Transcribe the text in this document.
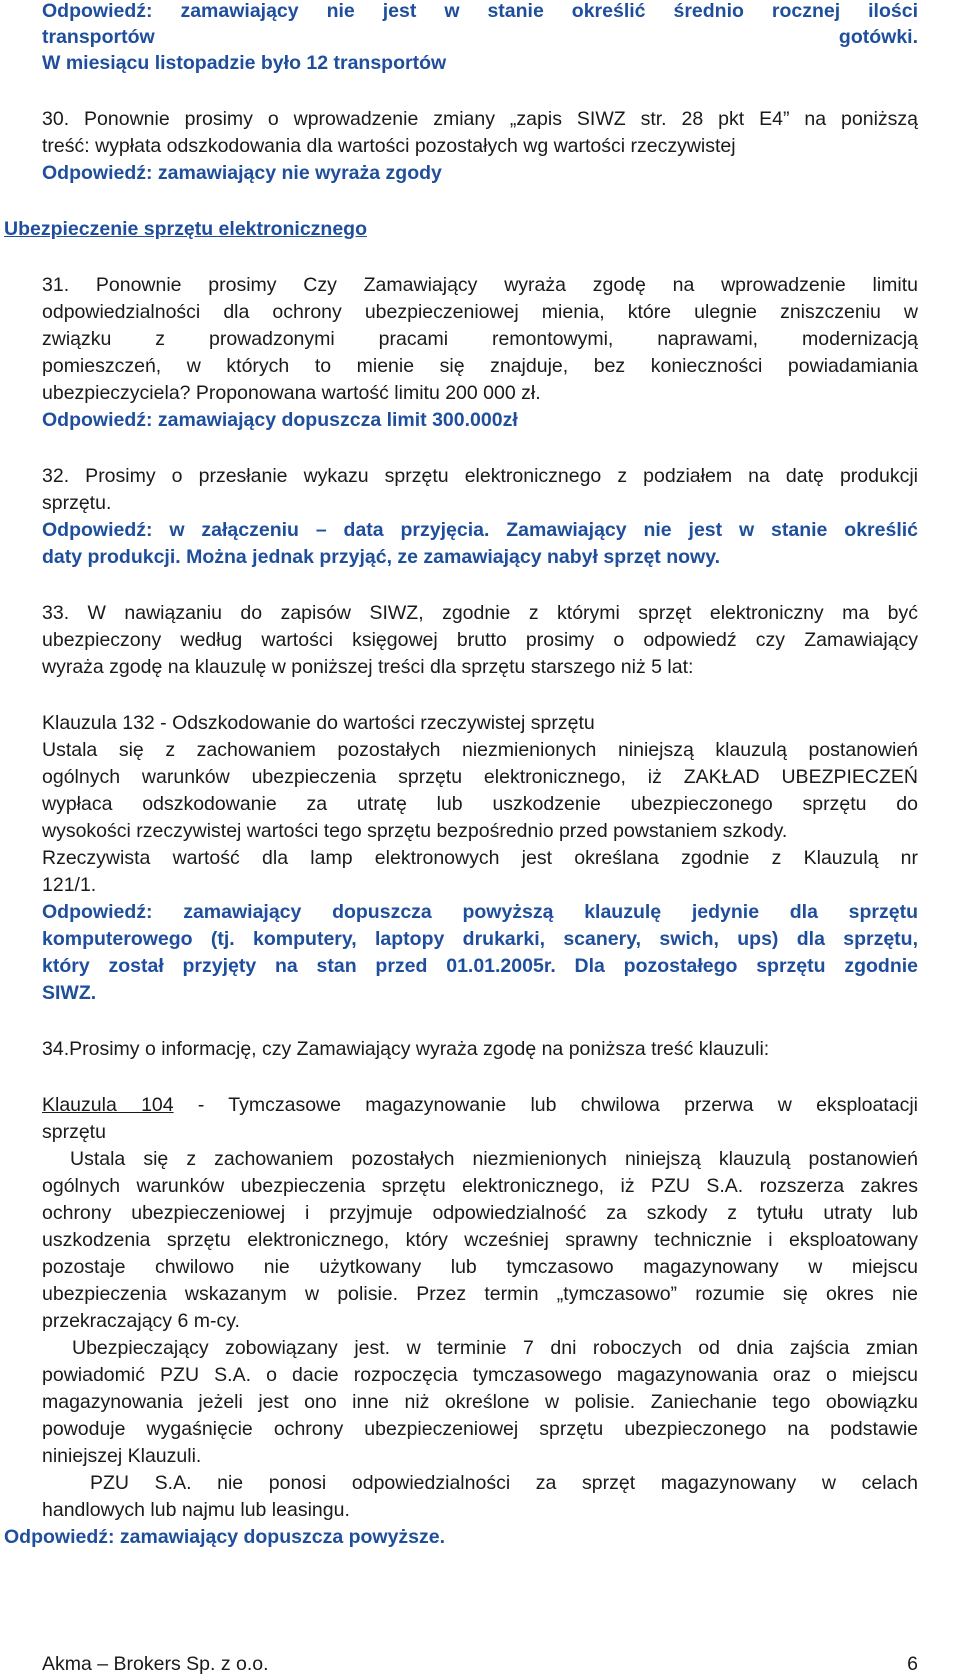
Odpowiedź: zamawiający nie jest w stanie określić średnio rocznej ilości
transportów	gotówki.
W miesiącu listopadzie było 12 transportów
30. Ponownie prosimy o wprowadzenie zmiany „zapis SIWZ str. 28 pkt E4” na poniższą
treść: wypłata odszkodowania dla wartości pozostałych wg wartości rzeczywistej
Odpowiedź: zamawiający nie wyraża zgody
Ubezpieczenie sprzętu elektronicznego
31. Ponownie prosimy Czy Zamawiający wyraża zgodę na wprowadzenie limitu
odpowiedzialności dla ochrony ubezpieczeniowej mienia, które ulegnie zniszczeniu w
związku z prowadzonymi pracami remontowymi, naprawami, modernizacją
pomieszczeń, w których to mienie się znajduje, bez konieczności powiadamiania
ubezpieczyciela? Proponowana wartość limitu 200 000 zł.
Odpowiedź: zamawiający dopuszcza limit 300.000zł
32. Prosimy o przesłanie wykazu sprzętu elektronicznego z podziałem na datę produkcji
sprzętu.
Odpowiedź: w załączeniu – data przyjęcia. Zamawiający nie jest w stanie określić
daty produkcji. Można jednak przyjąć, ze zamawiający nabył sprzęt nowy.
33. W nawiązaniu do zapisów SIWZ, zgodnie z którymi sprzęt elektroniczny ma być
ubezpieczony według wartości księgowej brutto prosimy o odpowiedź czy Zamawiający
wyraża zgodę na klauzulę w poniższej treści dla sprzętu starszego niż 5 lat:
Klauzula 132 - Odszkodowanie do wartości rzeczywistej sprzętu
Ustala się z zachowaniem pozostałych niezmienionych niniejszą klauzulą postanowień
ogólnych warunków ubezpieczenia sprzętu elektronicznego, iż ZAKŁAD UBEZPIECZEŃ
wypłaca odszkodowanie za utratę lub uszkodzenie ubezpieczonego sprzętu do
wysokości rzeczywistej wartości tego sprzętu bezpośrednio przed powstaniem szkody.
Rzeczywista wartość dla lamp elektronowych jest określana zgodnie z Klauzulą nr
121/1.
Odpowiedź: zamawiający dopuszcza powyższą klauzulę jedynie dla sprzętu
komputerowego (tj. komputery, laptopy drukarki, scanery, swich, ups) dla sprzętu,
który został przyjęty na stan przed 01.01.2005r. Dla pozostałego sprzętu zgodnie
SIWZ.
34.Prosimy o informację, czy Zamawiający wyraża zgodę na poniższa treść klauzuli:
Klauzula 104 - Tymczasowe magazynowanie lub chwilowa przerwa w eksploatacji
sprzętu
Ustala się z zachowaniem pozostałych niezmienionych niniejszą klauzulą postanowień
ogólnych warunków ubezpieczenia sprzętu elektronicznego, iż PZU S.A. rozszerza zakres
ochrony ubezpieczeniowej i przyjmuje odpowiedzialność za szkody z tytułu utraty lub
uszkodzenia sprzętu elektronicznego, który wcześniej sprawny technicznie i eksploatowany
pozostaje chwilowo nie użytkowany lub tymczasowo magazynowany w miejscu
ubezpieczenia wskazanym w polisie. Przez termin „tymczasowo” rozumie się okres nie
przekraczający 6 m-cy.
Ubezpieczający zobowiązany jest. w terminie 7 dni roboczych od dnia zajścia zmian
powiadomić PZU S.A. o dacie rozpoczęcia tymczasowego magazynowania oraz o miejscu
magazynowania jeżeli jest ono inne niż określone w polisie. Zaniechanie tego obowiązku
powoduje wygaśnięcie ochrony ubezpieczeniowej sprzętu ubezpieczonego na podstawie
niniejszej Klauzuli.
PZU S.A. nie ponosi odpowiedzialności za sprzęt magazynowany w celach
handlowych lub najmu lub leasingu.
Odpowiedź: zamawiający dopuszcza powyższe.
Akma – Brokers Sp. z o.o.	6
